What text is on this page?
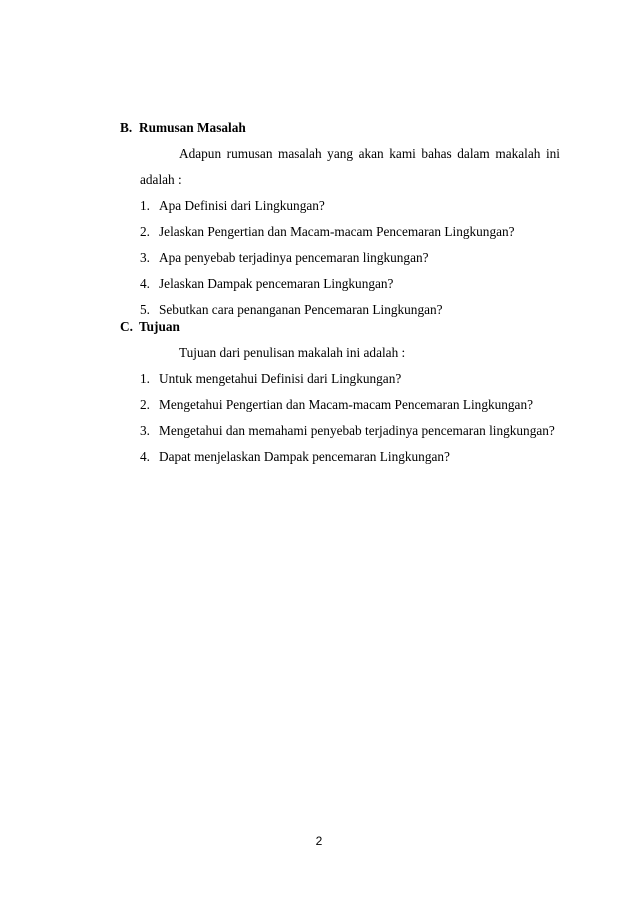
B. Rumusan Masalah
Adapun rumusan masalah yang akan kami bahas dalam makalah ini
adalah :
1. Apa Definisi dari Lingkungan?
2. Jelaskan Pengertian dan Macam-macam Pencemaran Lingkungan?
3. Apa penyebab terjadinya pencemaran lingkungan?
4. Jelaskan Dampak pencemaran Lingkungan?
5. Sebutkan cara penanganan Pencemaran Lingkungan?
C. Tujuan
Tujuan dari penulisan makalah ini adalah :
1. Untuk mengetahui Definisi dari Lingkungan?
2. Mengetahui Pengertian dan Macam-macam Pencemaran Lingkungan?
3. Mengetahui dan memahami penyebab terjadinya pencemaran lingkungan?
4. Dapat menjelaskan Dampak pencemaran Lingkungan?
2
